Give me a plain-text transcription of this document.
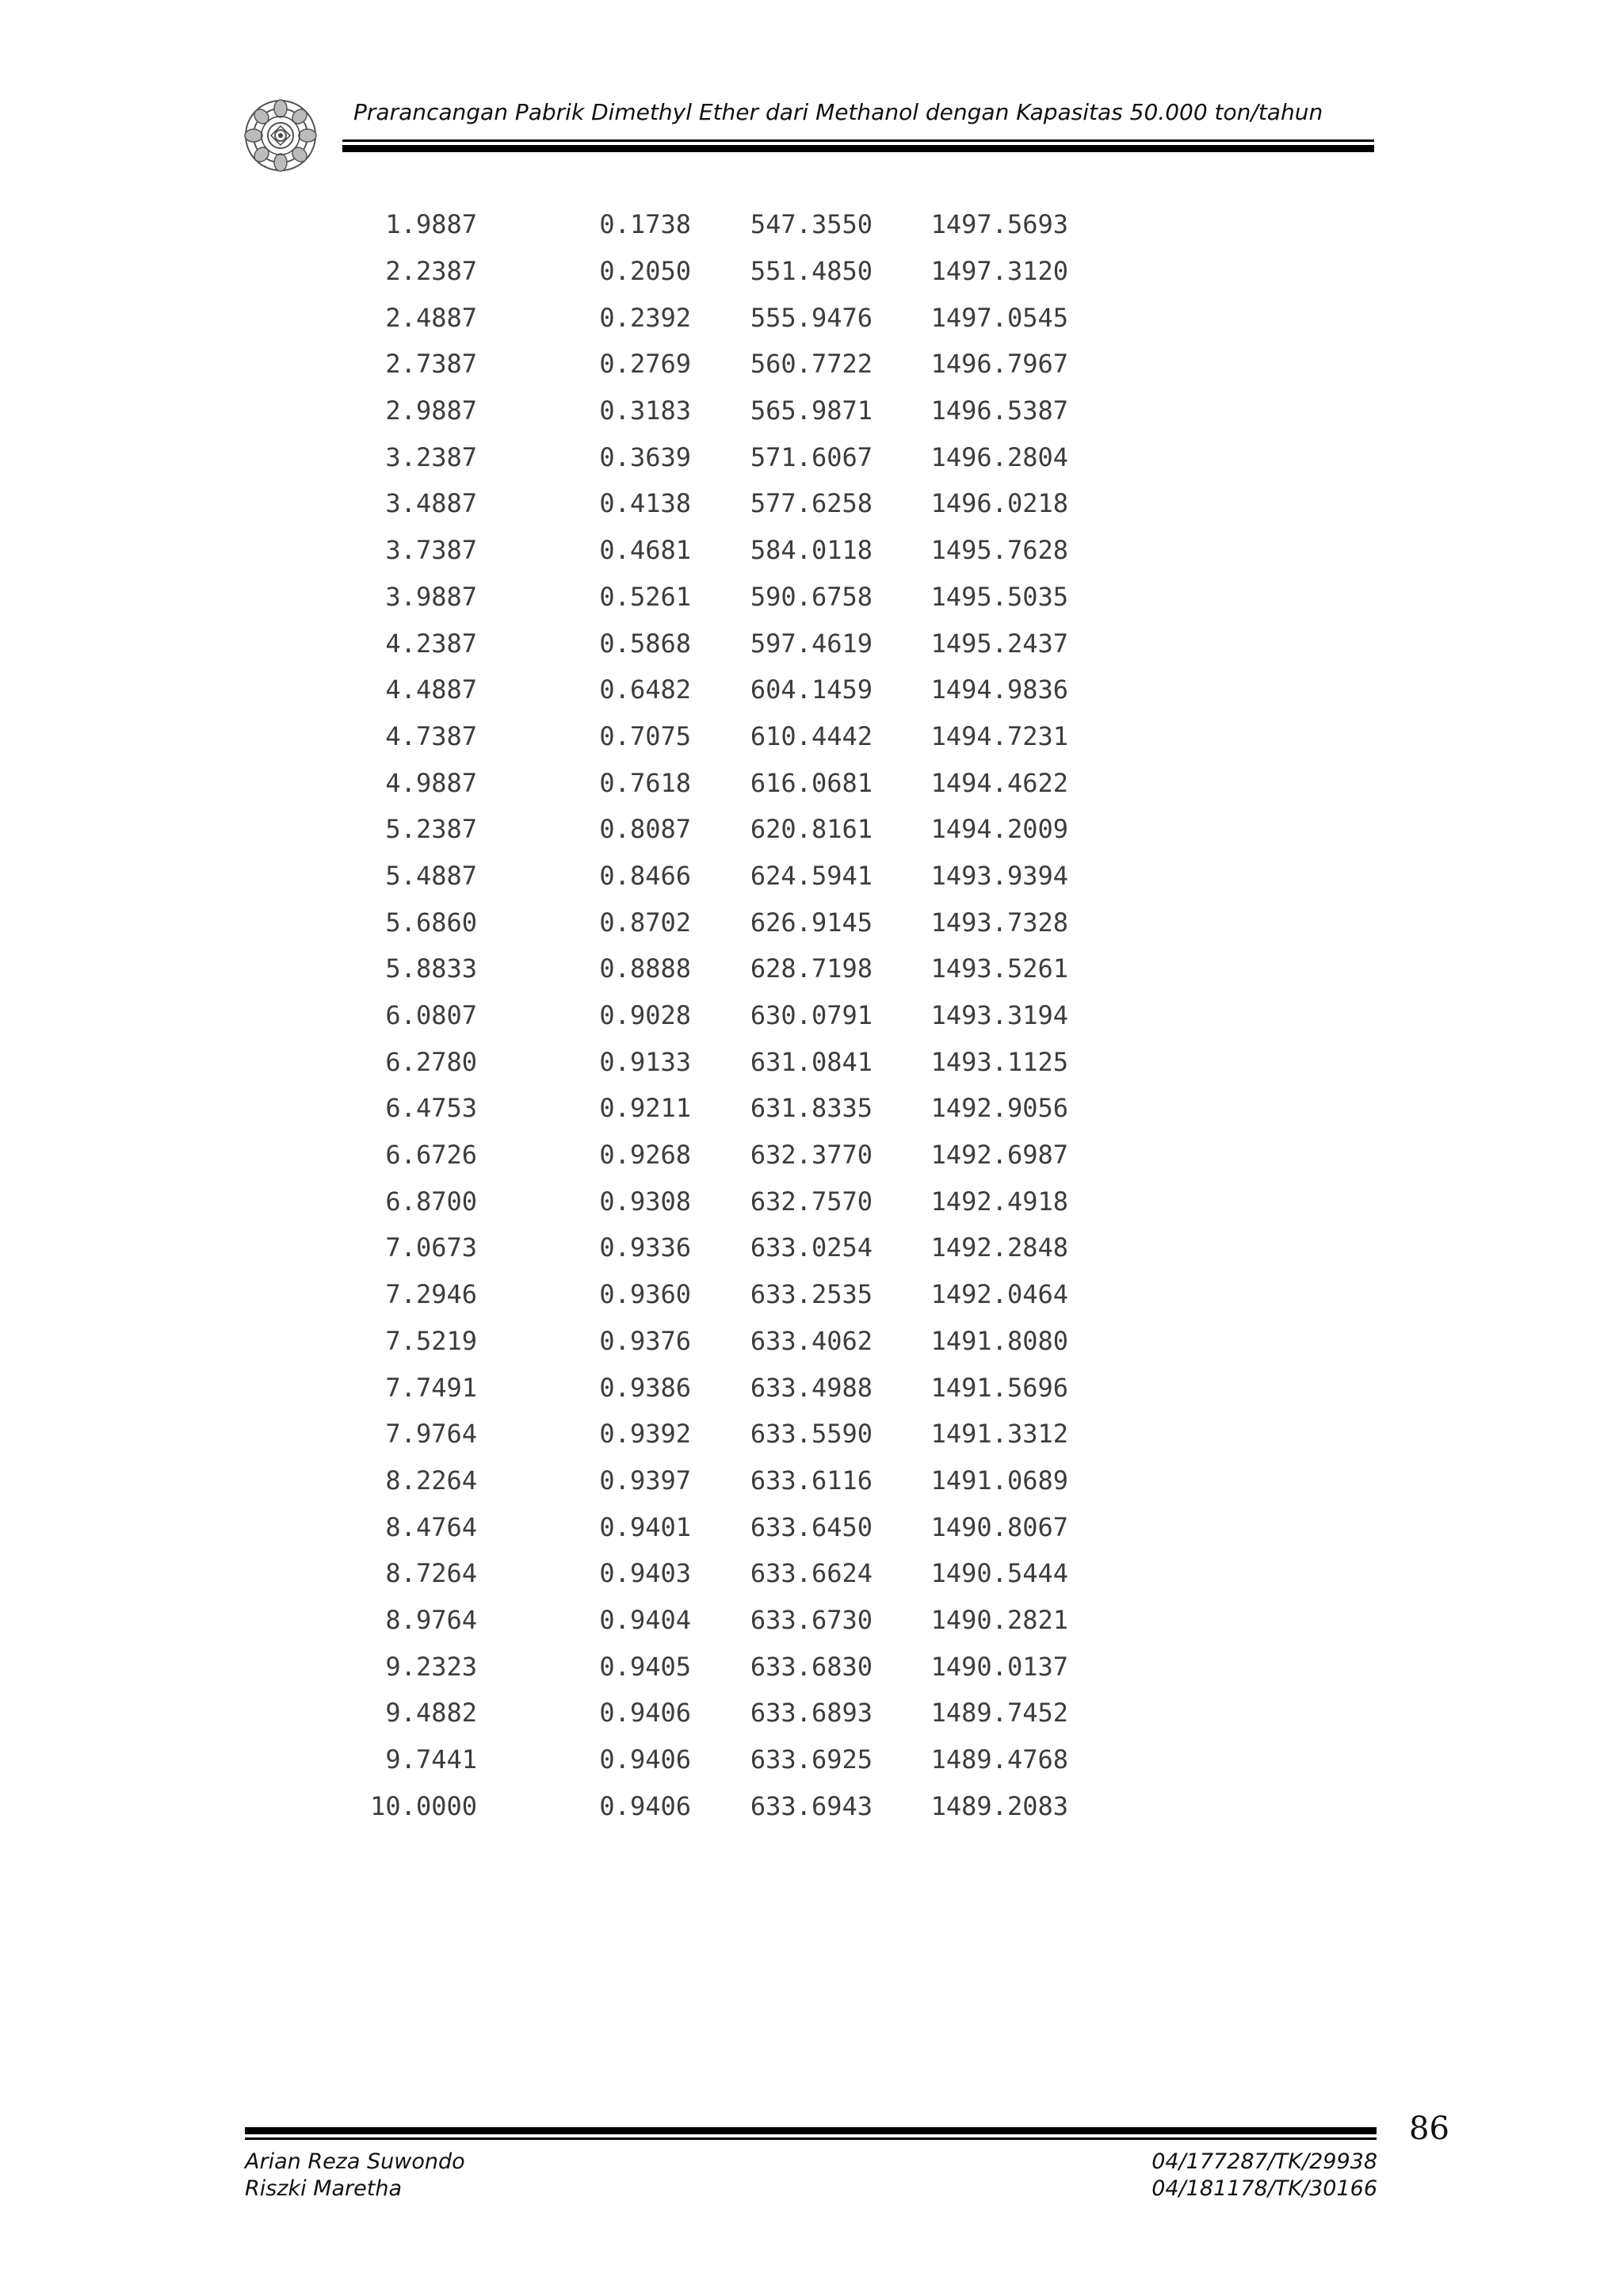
Prarancangan Pabrik Dimethyl Ether dari Methanol dengan Kapasitas 50.000 ton/tahun
1.9887	0.1738	547.3550	1497.5693
2.2387	0.2050	551.4850	1497.3120
2.4887	0.2392	555.9476	1497.0545
2.7387	0.2769	560.7722	1496.7967
2.9887	0.3183	565.9871	1496.5387
3.2387	0.3639	571.6067	1496.2804
3.4887	0.4138	577.6258	1496.0218
3.7387	0.4681	584.0118	1495.7628
3.9887	0.5261	590.6758	1495.5035
4.2387	0.5868	597.4619	1495.2437
4.4887	0.6482	604.1459	1494.9836
4.7387	0.7075	610.4442	1494.7231
4.9887	0.7618	616.0681	1494.4622
5.2387	0.8087	620.8161	1494.2009
5.4887	0.8466	624.5941	1493.9394
5.6860	0.8702	626.9145	1493.7328
5.8833	0.8888	628.7198	1493.5261
6.0807	0.9028	630.0791	1493.3194
6.2780	0.9133	631.0841	1493.1125
6.4753	0.9211	631.8335	1492.9056
6.6726	0.9268	632.3770	1492.6987
6.8700	0.9308	632.7570	1492.4918
7.0673	0.9336	633.0254	1492.2848
7.2946	0.9360	633.2535	1492.0464
7.5219	0.9376	633.4062	1491.8080
7.7491	0.9386	633.4988	1491.5696
7.9764	0.9392	633.5590	1491.3312
8.2264	0.9397	633.6116	1491.0689
8.4764	0.9401	633.6450	1490.8067
8.7264	0.9403	633.6624	1490.5444
8.9764	0.9404	633.6730	1490.2821
9.2323	0.9405	633.6830	1490.0137
9.4882	0.9406	633.6893	1489.7452
9.7441	0.9406	633.6925	1489.4768
10.0000	0.9406	633.6943	1489.2083
86
Arian Reza Suwondo
Riszki Maretha
04/177287/TK/29938
04/181178/TK/30166
